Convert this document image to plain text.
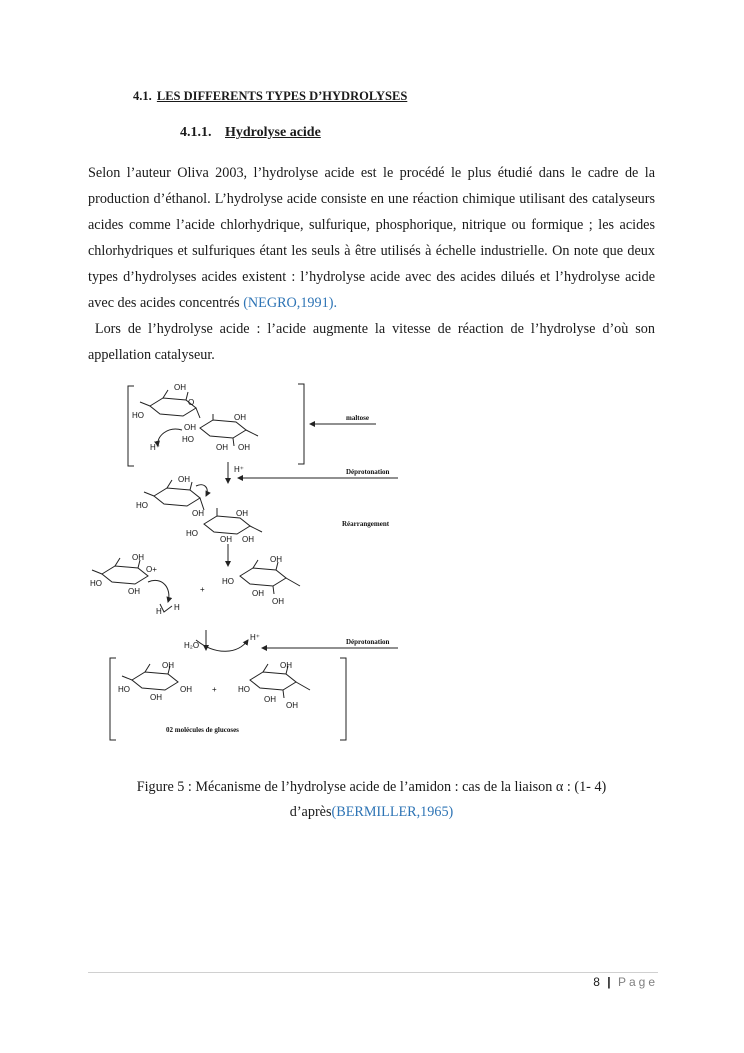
4.1. LES DIFFERENTS TYPES D’HYDROLYSES
4.1.1. Hydrolyse acide

Selon l’auteur Oliva 2003, l’hydrolyse acide est le procédé le plus étudié dans le cadre de la production d’éthanol. L’hydrolyse acide consiste en une réaction chimique utilisant des catalyseurs acides comme l’acide chlorhydrique, sulfurique, phosphorique, nitrique ou formique ; les acides chlorhydriques et sulfuriques étant les seuls à être utilisés à échelle industrielle. On note que deux types d’hydrolyses acides existent : l’hydrolyse acide avec des acides dilués et l’hydrolyse acide avec des acides concentrés (NEGRO,1991).

Lors de l’hydrolyse acide : l’acide augmente la vitesse de réaction de l’hydrolyse d’où son appellation catalyseur.

OH
HO
O
OH
OH
HO
OH OH
H⁺
H⁺
OH
HO
OH	OH
HO
OH OH
OH
O+
HO
OH
H H
+
OH
HO
OH
OH
H₂O
H⁺
OH
HO	OH
OH
+
OH
HO
OH
OH
maltose
Déprotonation
Réarrangement
Déprotonation
02 molécules de glucoses
Figure 5 : Mécanisme de l’hydrolyse acide de l’amidon : cas de la liaison α : (1- 4)
d’après(BERMILLER,1965)
8 | Page
